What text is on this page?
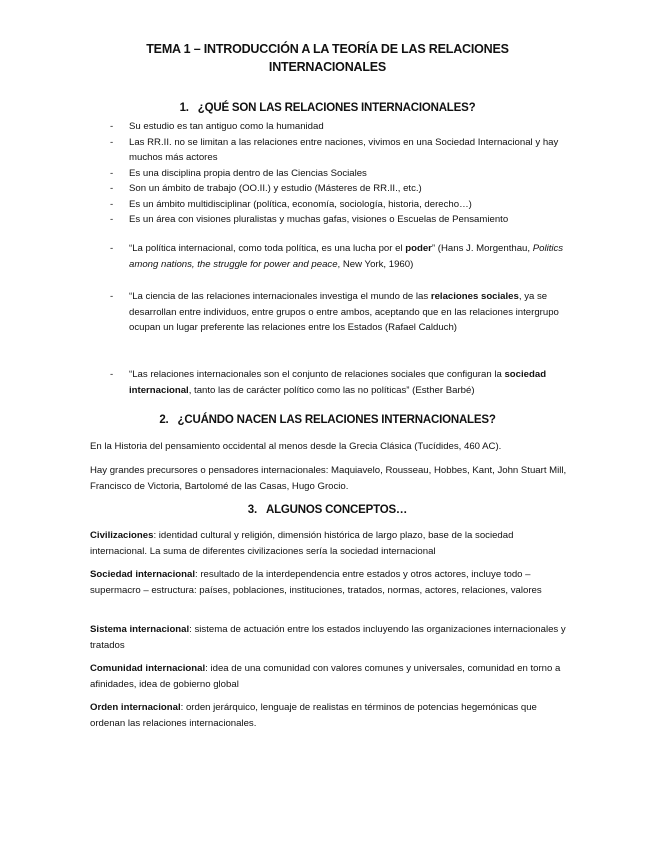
TEMA 1 – INTRODUCCIÓN A LA TEORÍA DE LAS RELACIONES
INTERNACIONALES
1. ¿QUÉ SON LAS RELACIONES INTERNACIONALES?
- Su estudio es tan antiguo como la humanidad
- Las RR.II. no se limitan a las relaciones entre naciones, vivimos en una Sociedad Internacional y hay muchos más actores
- Es una disciplina propia dentro de las Ciencias Sociales
- Son un ámbito de trabajo (OO.II.) y estudio (Másteres de RR.II., etc.)
- Es un ámbito multidisciplinar (política, economía, sociología, historia, derecho…)
- Es un área con visiones pluralistas y muchas gafas, visiones o Escuelas de Pensamiento
- “La política internacional, como toda política, es una lucha por el poder” (Hans J. Morgenthau, Politics among nations, the struggle for power and peace, New York, 1960)
- “La ciencia de las relaciones internacionales investiga el mundo de las relaciones sociales, ya se desarrollan entre individuos, entre grupos o entre ambos, aceptando que en las relaciones intergrupo ocupan un lugar preferente las relaciones entre los Estados (Rafael Calduch)
- “Las relaciones internacionales son el conjunto de relaciones sociales que configuran la sociedad internacional, tanto las de carácter político como las no políticas” (Esther Barbé)
2. ¿CUÁNDO NACEN LAS RELACIONES INTERNACIONALES?

En la Historia del pensamiento occidental al menos desde la Grecia Clásica (Tucídides, 460 AC).

Hay grandes precursores o pensadores internacionales: Maquiavelo, Rousseau, Hobbes, Kant, John Stuart Mill, Francisco de Victoria, Bartolomé de las Casas, Hugo Grocio.

3. ALGUNOS CONCEPTOS…

Civilizaciones: identidad cultural y religión, dimensión histórica de largo plazo, base de la sociedad internacional. La suma de diferentes civilizaciones sería la sociedad internacional

Sociedad internacional: resultado de la interdependencia entre estados y otros actores, incluye todo – supermacro – estructura: países, poblaciones, instituciones, tratados, normas, actores, relaciones, valores

Sistema internacional: sistema de actuación entre los estados incluyendo las organizaciones internacionales y tratados

Comunidad internacional: idea de una comunidad con valores comunes y universales, comunidad en torno a afinidades, idea de gobierno global

Orden internacional: orden jerárquico, lenguaje de realistas en términos de potencias hegemónicas que ordenan las relaciones internacionales.
